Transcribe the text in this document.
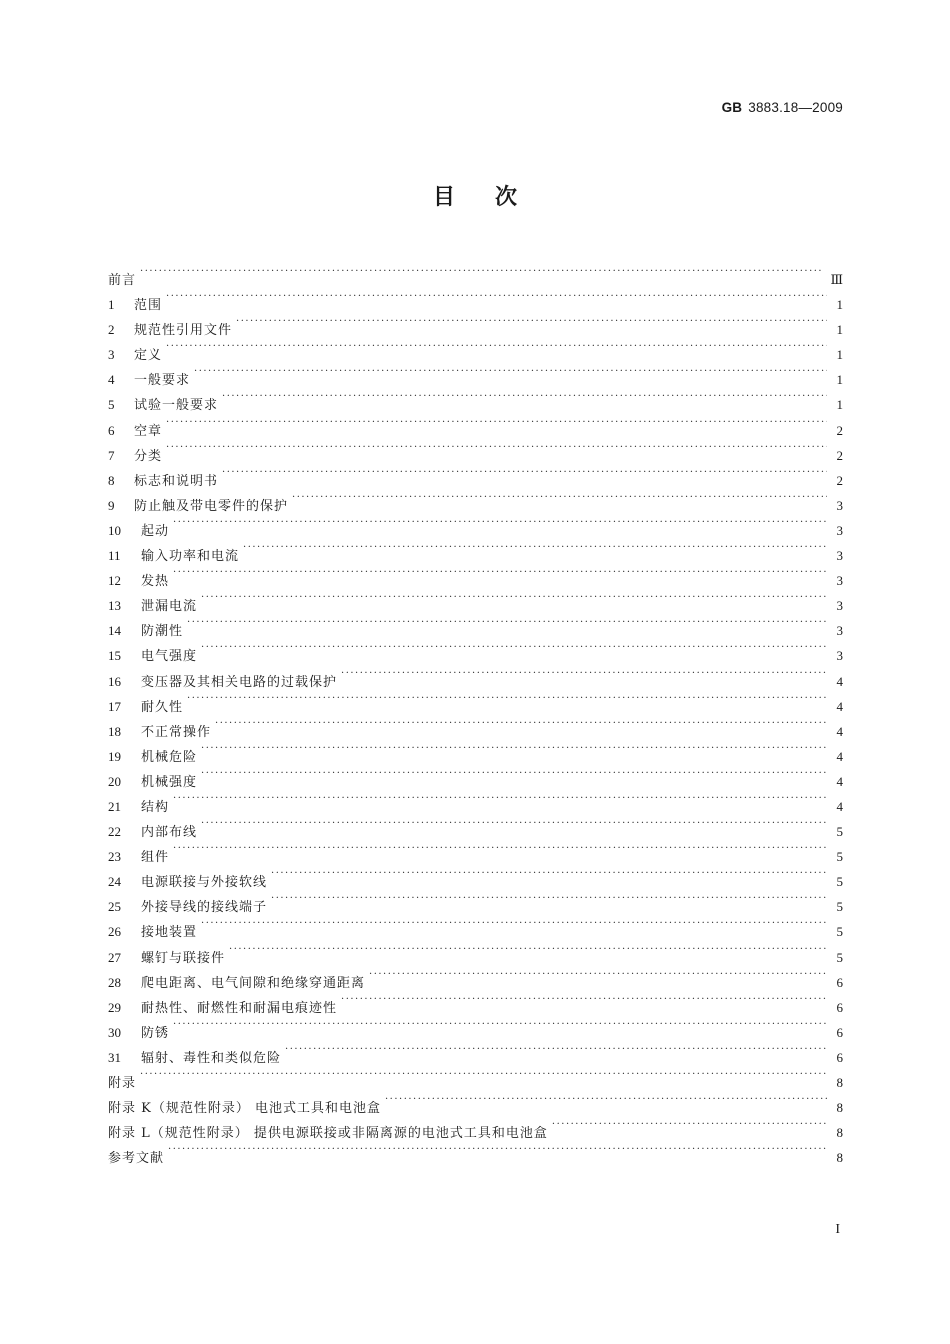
GB 3883.18—2009
目次
前言 ·····	Ⅲ
1	范围 ·····	1
2	规范性引用文件 ·····	1
3	定义 ·····	1
4	一般要求 ·····	1
5	试验一般要求 ·····	1
6	空章 ·····	2
7	分类 ·····	2
8	标志和说明书 ·····	2
9	防止触及带电零件的保护 ·····	3
10	起动 ·····	3
11	输入功率和电流 ·····	3
12	发热 ·····	3
13	泄漏电流 ·····	3
14	防潮性 ·····	3
15	电气强度 ·····	3
16	变压器及其相关电路的过载保护 ·····	4
17	耐久性 ·····	4
18	不正常操作 ·····	4
19	机械危险 ·····	4
20	机械强度 ·····	4
21	结构 ·····	4
22	内部布线 ·····	5
23	组件 ·····	5
24	电源联接与外接软线 ·····	5
25	外接导线的接线端子 ·····	5
26	接地装置 ·····	5
27	螺钉与联接件 ·····	5
28	爬电距离、电气间隙和绝缘穿通距离 ·····	6
29	耐热性、耐燃性和耐漏电痕迹性 ·····	6
30	防锈 ·····	6
31	辐射、毒性和类似危险 ·····	6
附录 ·····	8
附录 K（规范性附录） 电池式工具和电池盒 ·····	8
附录 L（规范性附录） 提供电源联接或非隔离源的电池式工具和电池盒 ·····	8
参考文献 ·····	8
I
